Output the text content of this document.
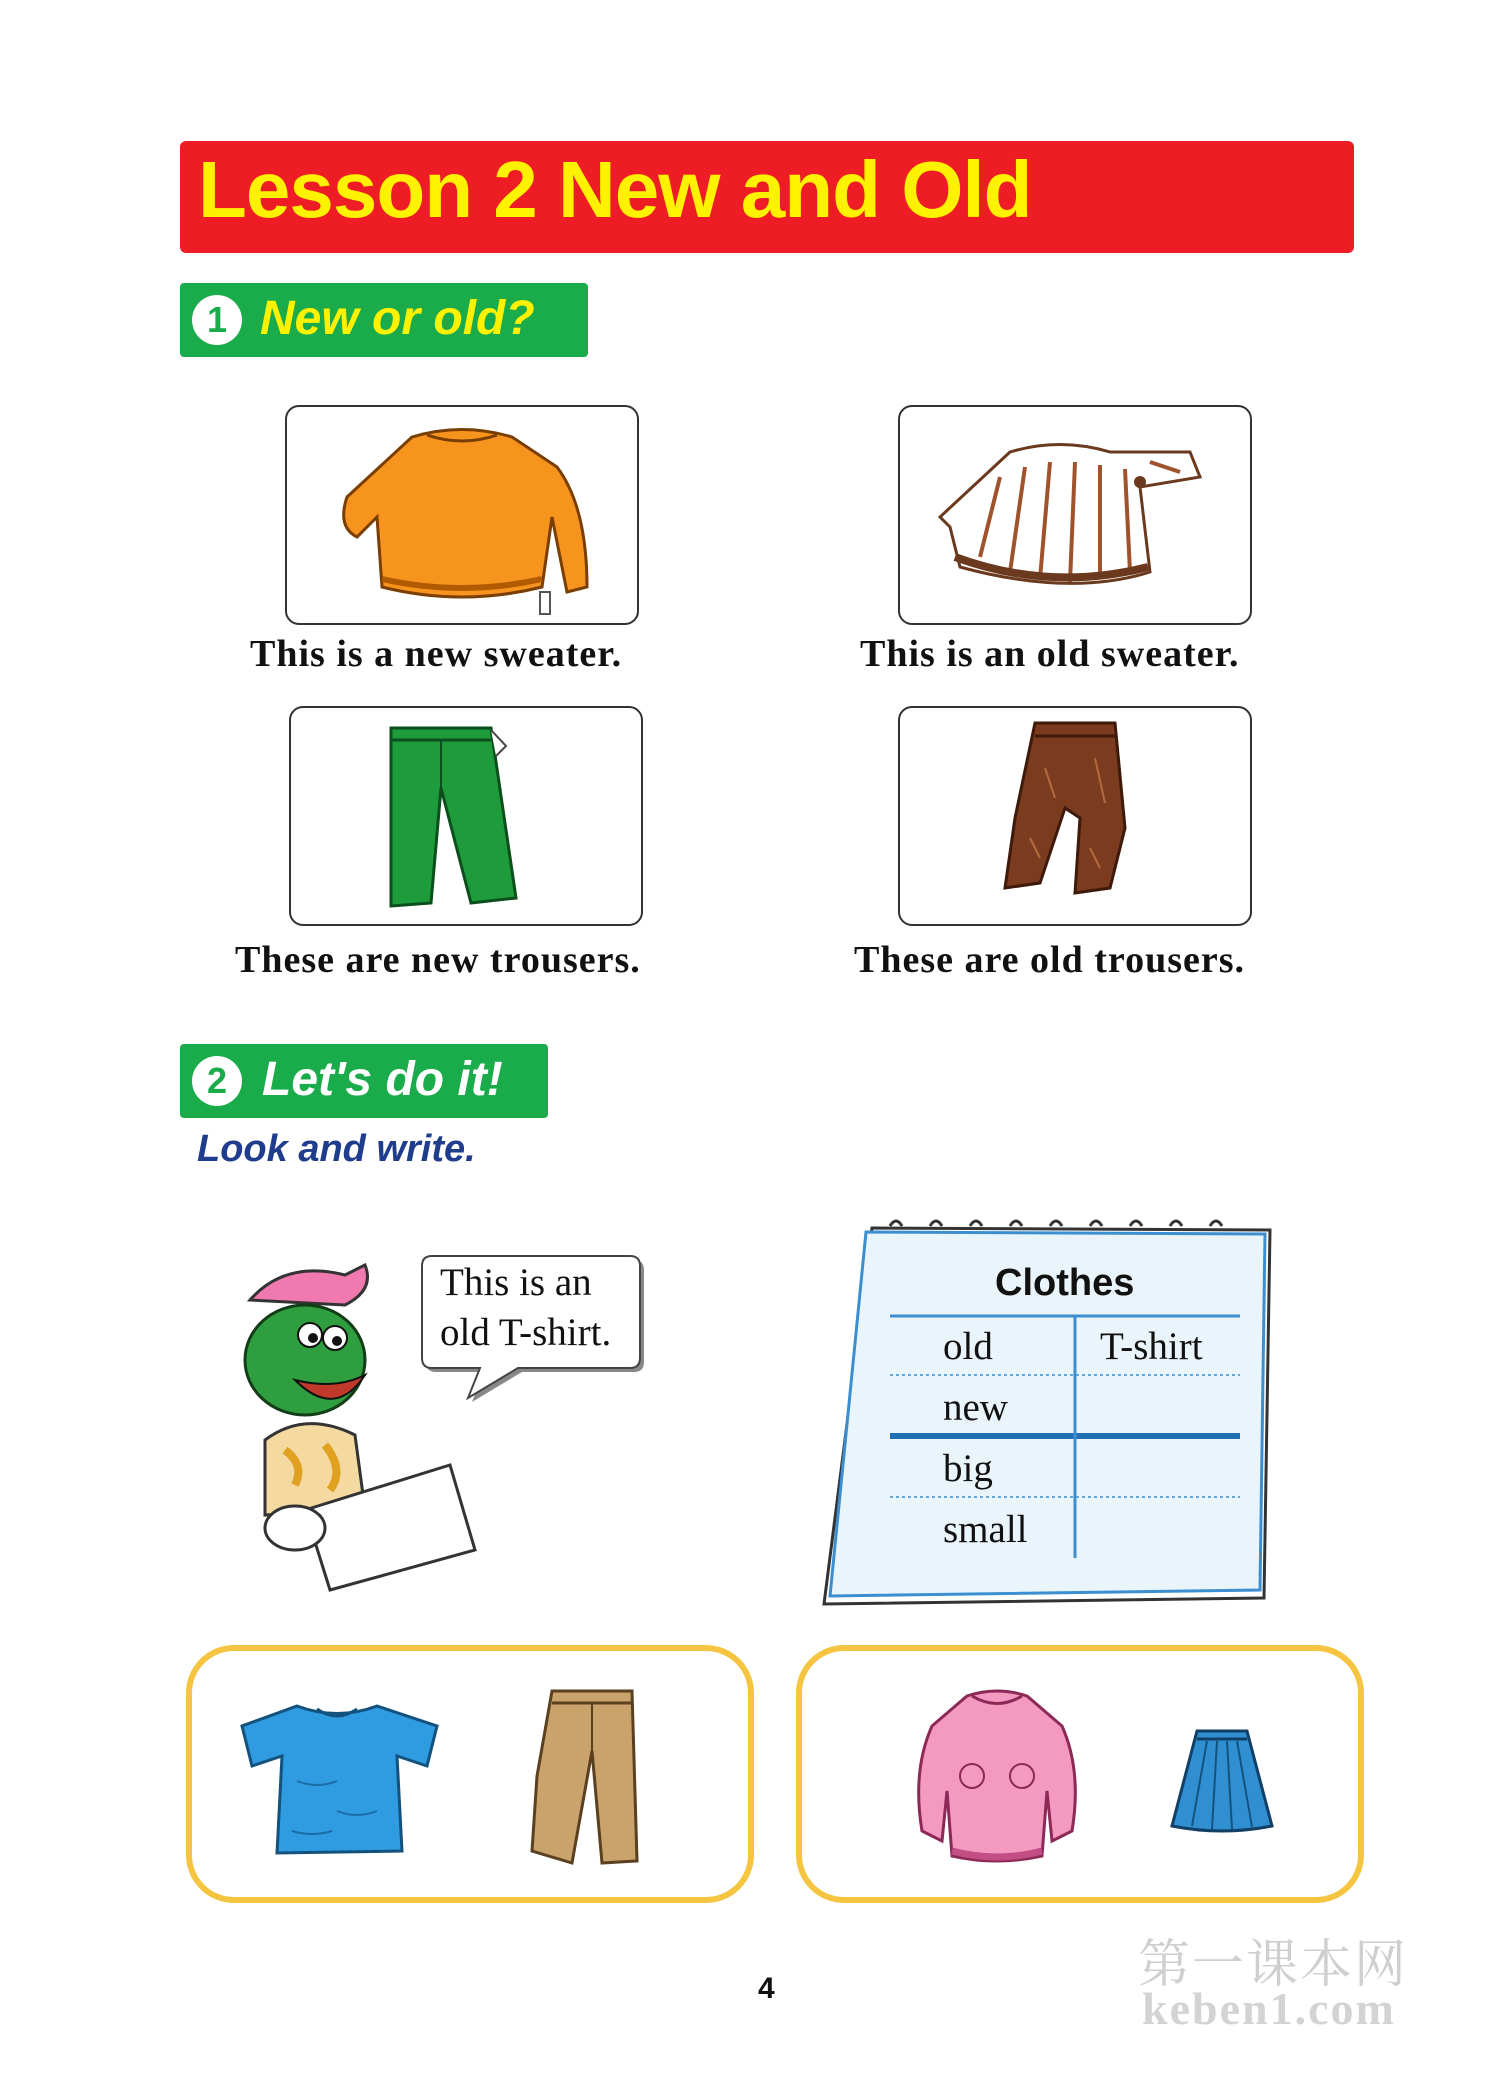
Lesson 2 New and Old
1 New or old?
This is a new sweater.	This is an old sweater.
These are new trousers.	These are old trousers.
2 Let's do it!
Look and write.
This is an
old T-shirt.
Clothes
old	T-shirt
new
big
small
4	第一课本网
keben1.com
